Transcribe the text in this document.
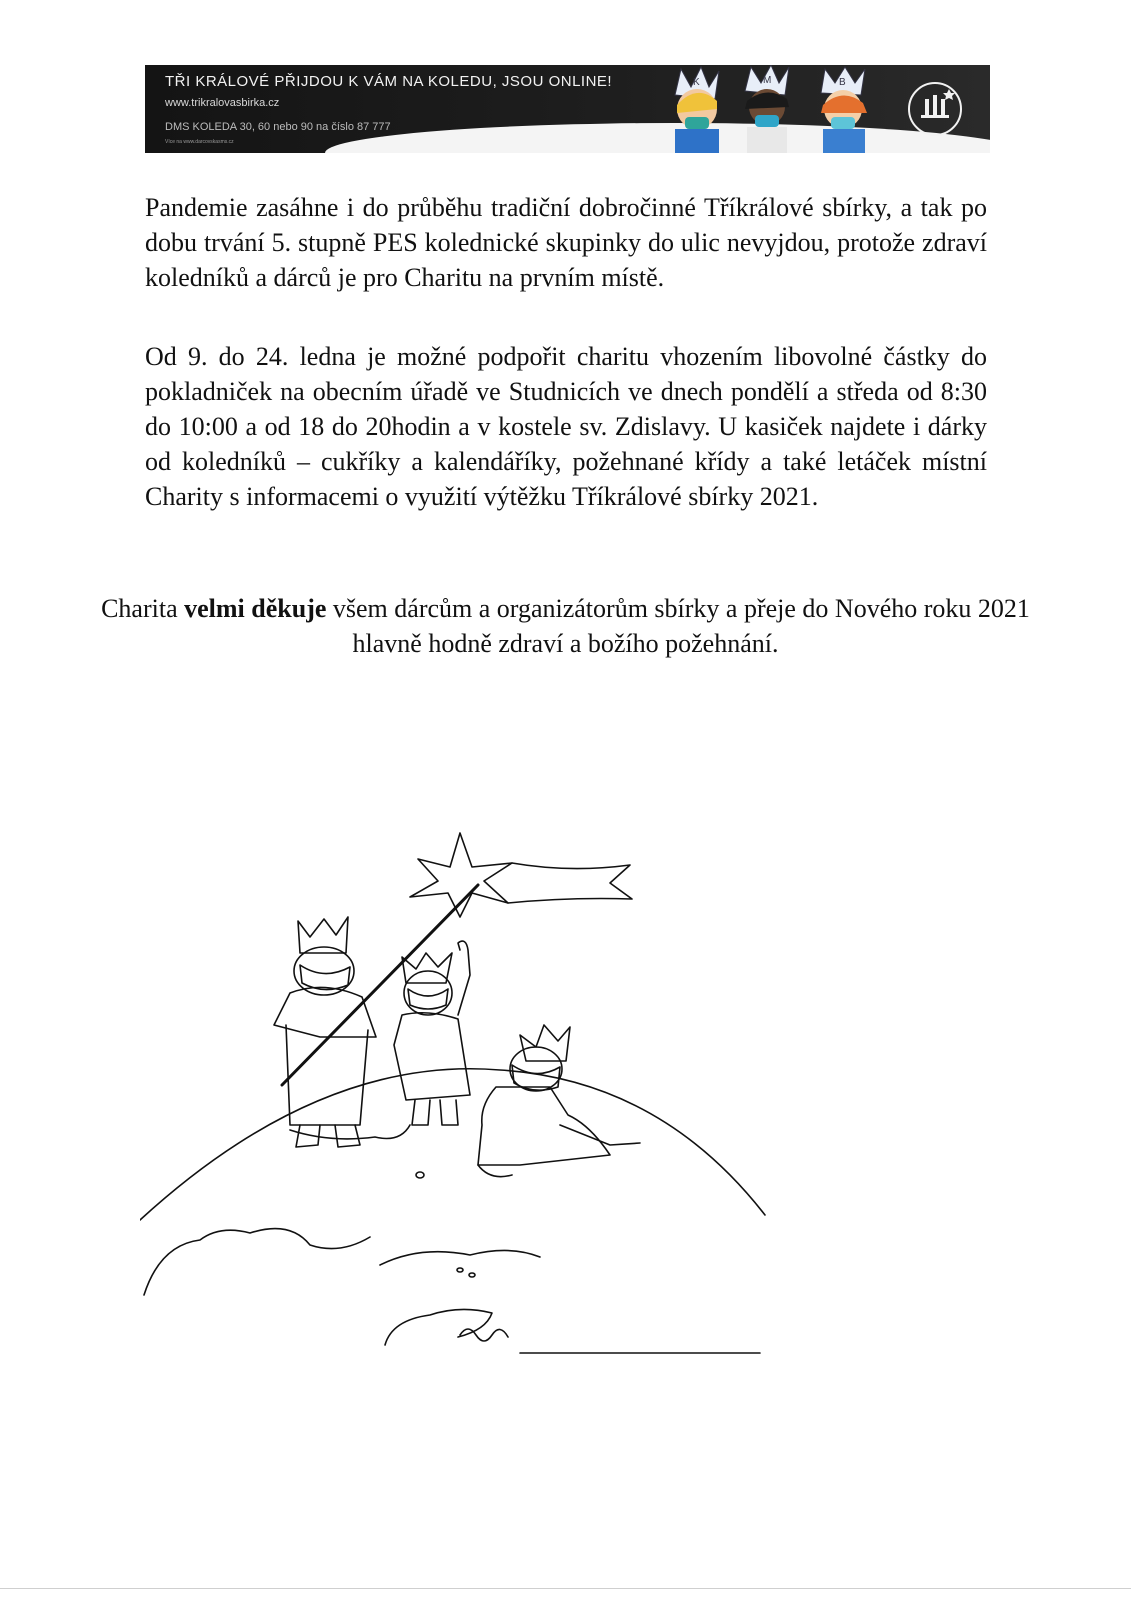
TŘI KRÁLOVÉ PŘIJDOU K VÁM NA KOLEDU, JSOU ONLINE!
www.trikralovasbirka.cz
DMS KOLEDA 30, 60 nebo 90 na číslo 87 777
Více na www.darcovskasms.cz
K	M	B

Pandemie zasáhne i do průběhu tradiční dobročinné Tříkrálové sbírky, a tak po dobu trvání 5. stupně PES kolednické skupinky do ulic nevyjdou, protože zdraví koledníků a dárců je pro Charitu na prvním místě.

Od 9. do 24. ledna je možné podpořit charitu vhozením libovolné částky do pokladniček na obecním úřadě ve Studnicích ve dnech pondělí a středa od 8:30 do 10:00 a od 18 do 20hodin a v kostele sv. Zdislavy. U kasiček najdete i dárky od koledníků – cukříky a kalendáříky, požehnané křídy a také letáček místní Charity s informacemi o využití výtěžku Tříkrálové sbírky 2021.

Charita velmi děkuje všem dárcům a organizátorům sbírky a přeje do Nového roku 2021 hlavně hodně zdraví a božího požehnání.
